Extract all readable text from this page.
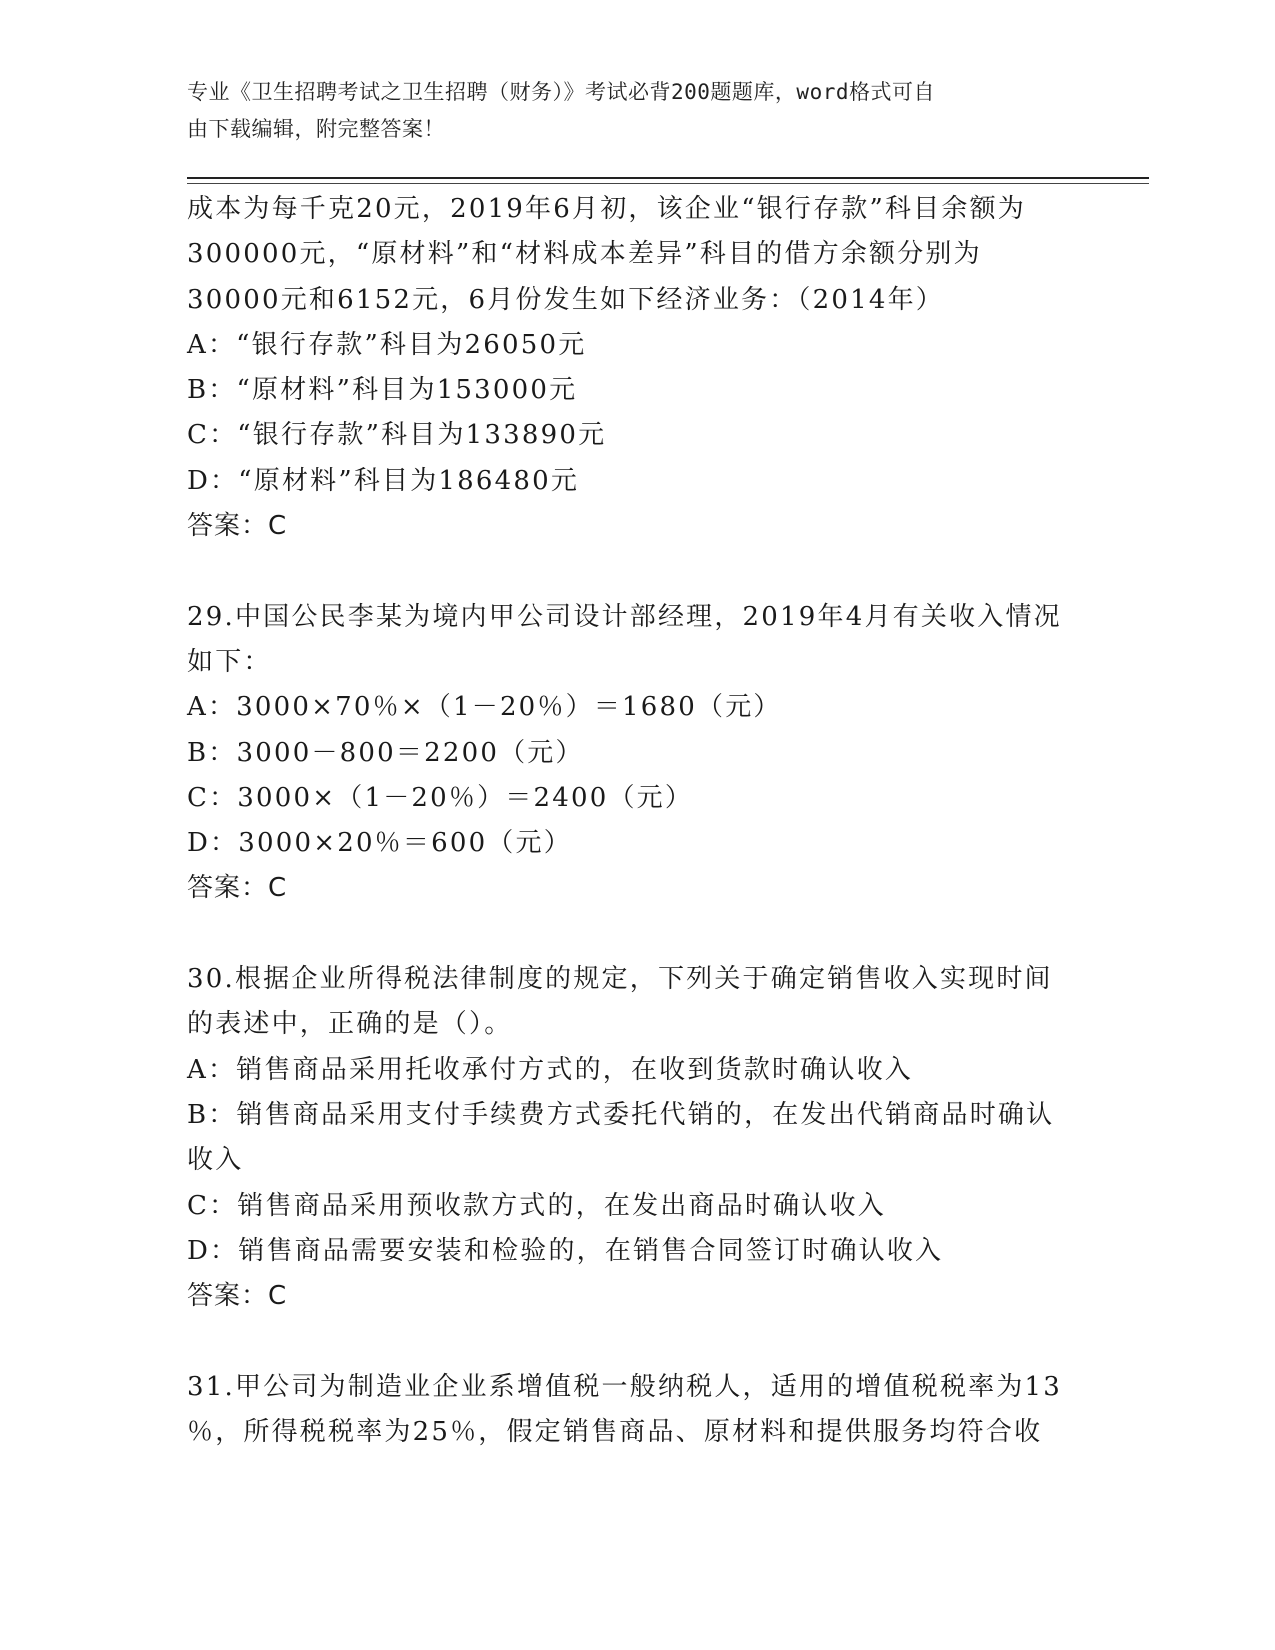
专业《卫生招聘考试之卫生招聘（财务）》考试必背200题题库，word格式可自
由下载编辑，附完整答案！
成本为每千克20元，2019年6月初，该企业“银行存款”科目余额为
300000元，“原材料”和“材料成本差异”科目的借方余额分别为
30000元和6152元，6月份发生如下经济业务：（2014年）
A：“银行存款”科目为26050元
B：“原材料”科目为153000元
C：“银行存款”科目为133890元
D：“原材料”科目为186480元
答案：C
29.中国公民李某为境内甲公司设计部经理，2019年4月有关收入情况
如下：
A：3000×70％×（1－20％）＝1680（元）
B：3000－800＝2200（元）
C：3000×（1－20％）＝2400（元）
D：3000×20％＝600（元）
答案：C
30.根据企业所得税法律制度的规定，下列关于确定销售收入实现时间
的表述中，正确的是（）。
A：销售商品采用托收承付方式的，在收到货款时确认收入
B：销售商品采用支付手续费方式委托代销的，在发出代销商品时确认
收入
C：销售商品采用预收款方式的，在发出商品时确认收入
D：销售商品需要安装和检验的，在销售合同签订时确认收入
答案：C
31.甲公司为制造业企业系增值税一般纳税人，适用的增值税税率为13
％，所得税税率为25％，假定销售商品、原材料和提供服务均符合收
